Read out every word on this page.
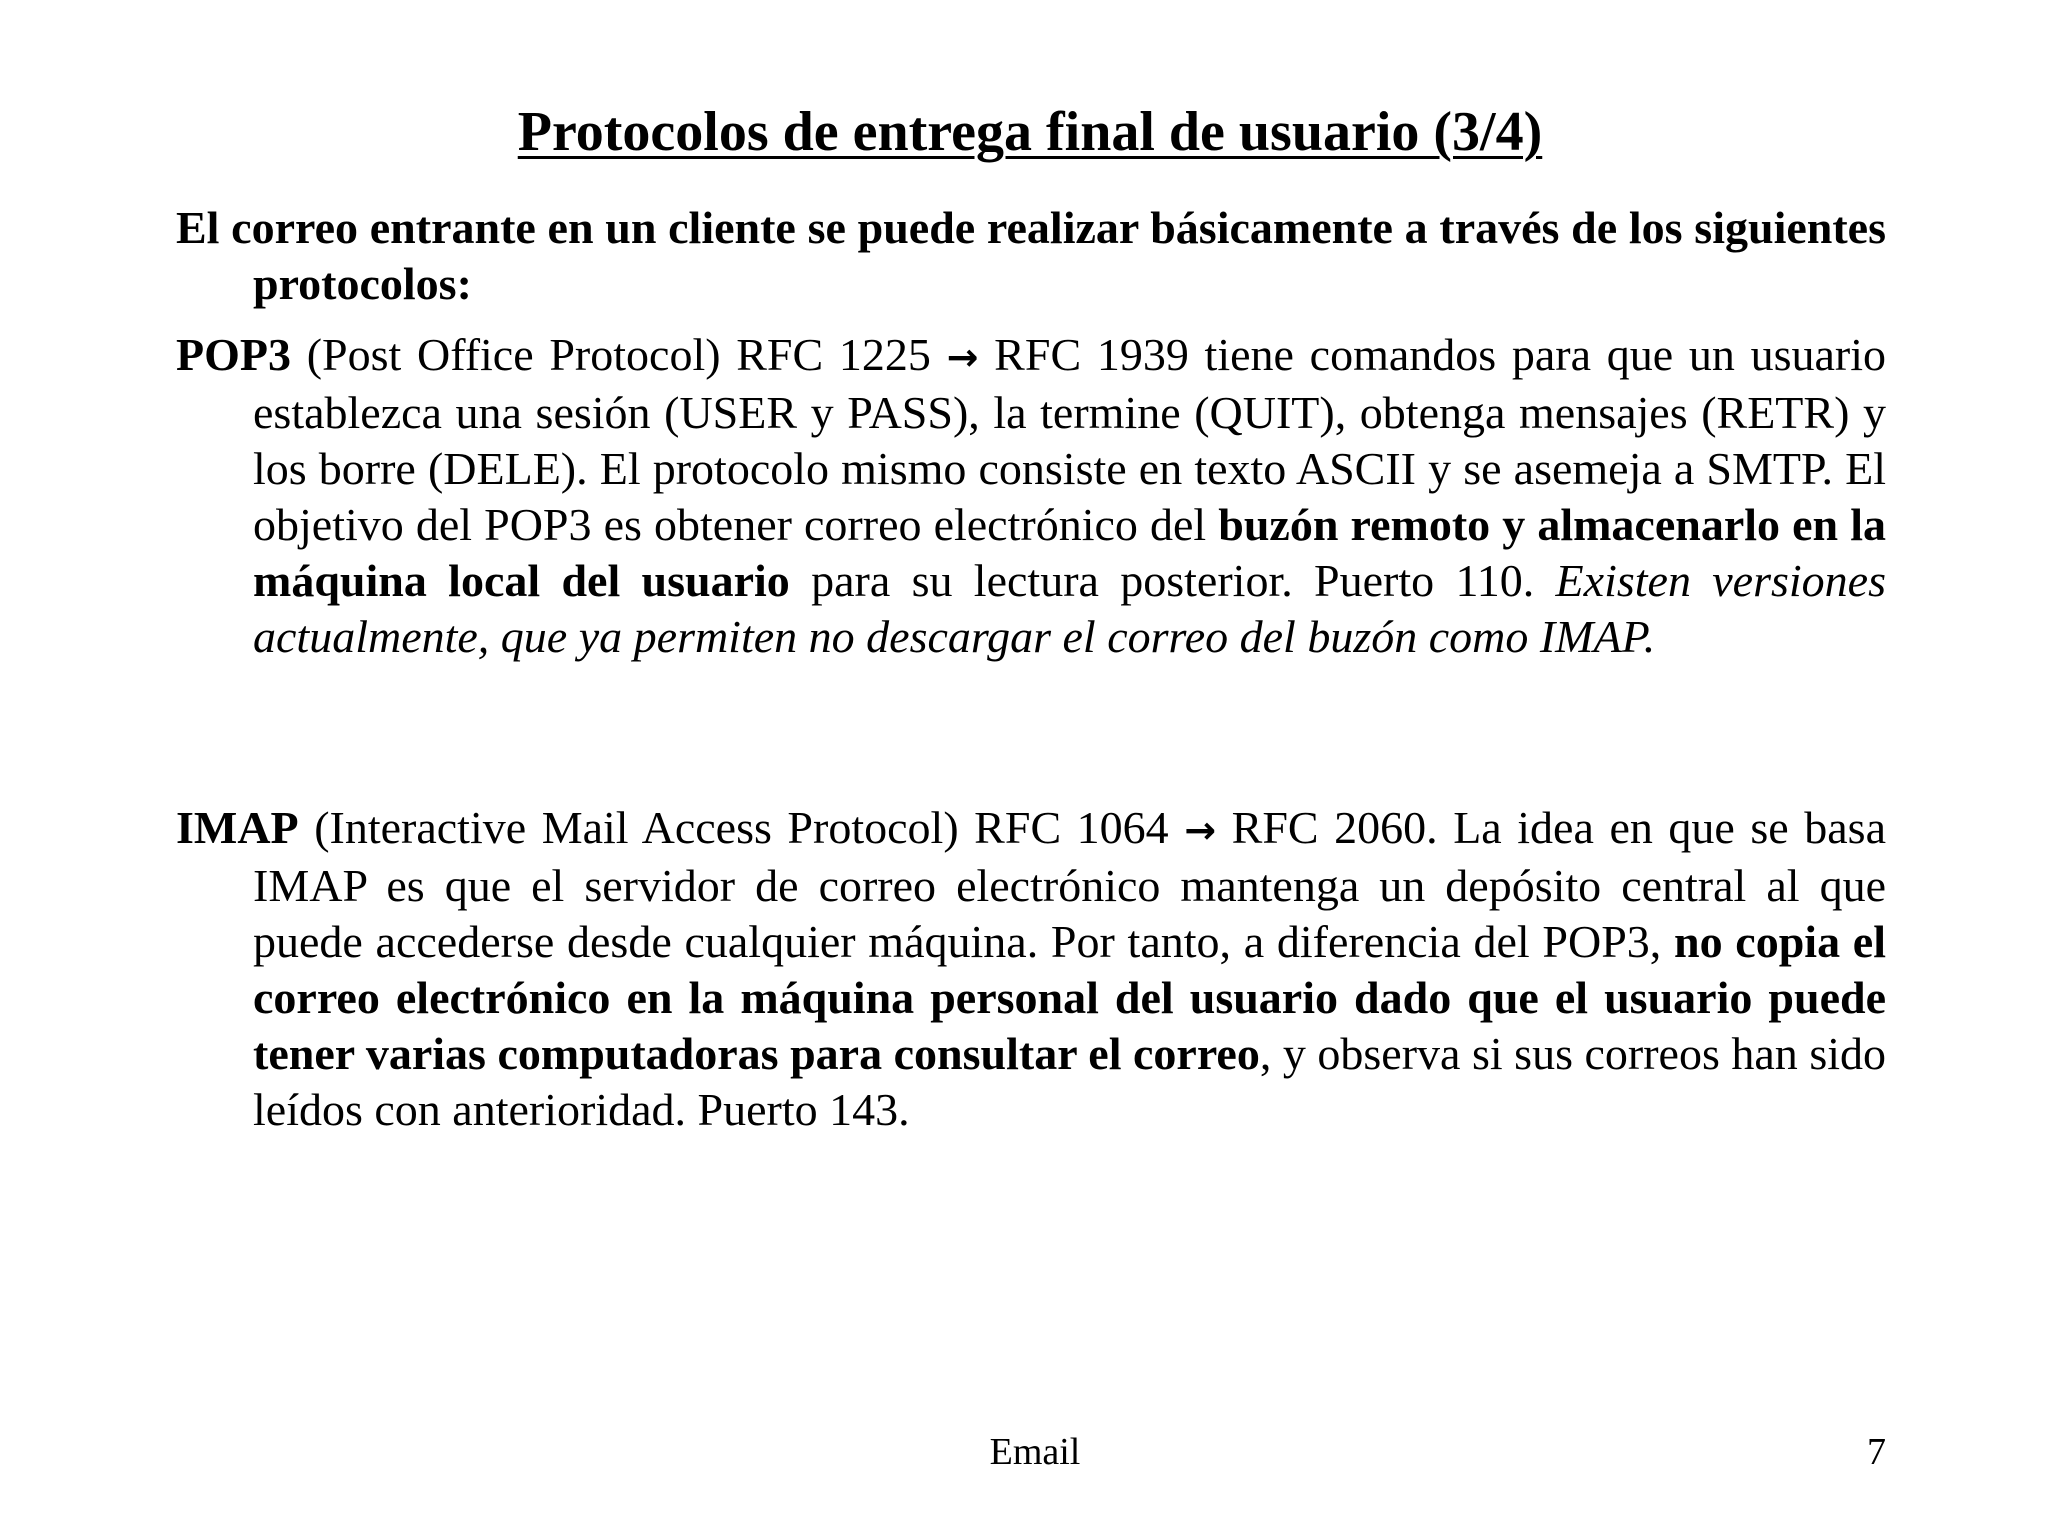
Protocolos de entrega final de usuario (3/4)
El correo entrante en un cliente se puede realizar básicamente a través de los siguientes protocolos:
POP3 (Post Office Protocol) RFC 1225 → RFC 1939 tiene comandos para que un usuario establezca una sesión (USER y PASS), la termine (QUIT), obtenga mensajes (RETR) y los borre (DELE). El protocolo mismo consiste en texto ASCII y se asemeja a SMTP. El objetivo del POP3 es obtener correo electrónico del buzón remoto y almacenarlo en la máquina local del usuario para su lectura posterior. Puerto 110. Existen versiones actualmente, que ya permiten no descargar el correo del buzón como IMAP.
IMAP (Interactive Mail Access Protocol) RFC 1064 → RFC 2060. La idea en que se basa IMAP es que el servidor de correo electrónico mantenga un depósito central al que puede accederse desde cualquier máquina. Por tanto, a diferencia del POP3, no copia el correo electrónico en la máquina personal del usuario dado que el usuario puede tener varias computadoras para consultar el correo, y observa si sus correos han sido leídos con anterioridad. Puerto 143.
Email	7
